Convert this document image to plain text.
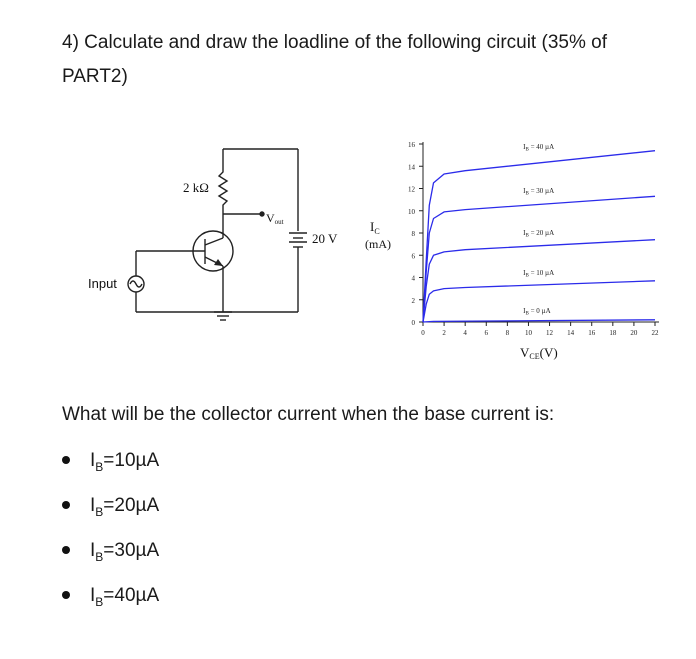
4) Calculate and draw the loadline of the following circuit (35% of PART2)
2 kΩ
Vout
20 V
Input
0	2	4	6	8 10 12 14 16 18 20 22
0
2
4
6
8
10
12
14
16	$I_B = 40$ µA
$I_B = 30$ µA
$I_B = 20$ µA
$I_B = 10$ µA
$I_B = 0$ µA
$I_C$
(mA)
VCE(V)
What will be the collector current when the base current is:
$I_B=10\mu A$
$I_B=20\mu A$
$I_B=30\mu A$
$I_B=40\mu A$
